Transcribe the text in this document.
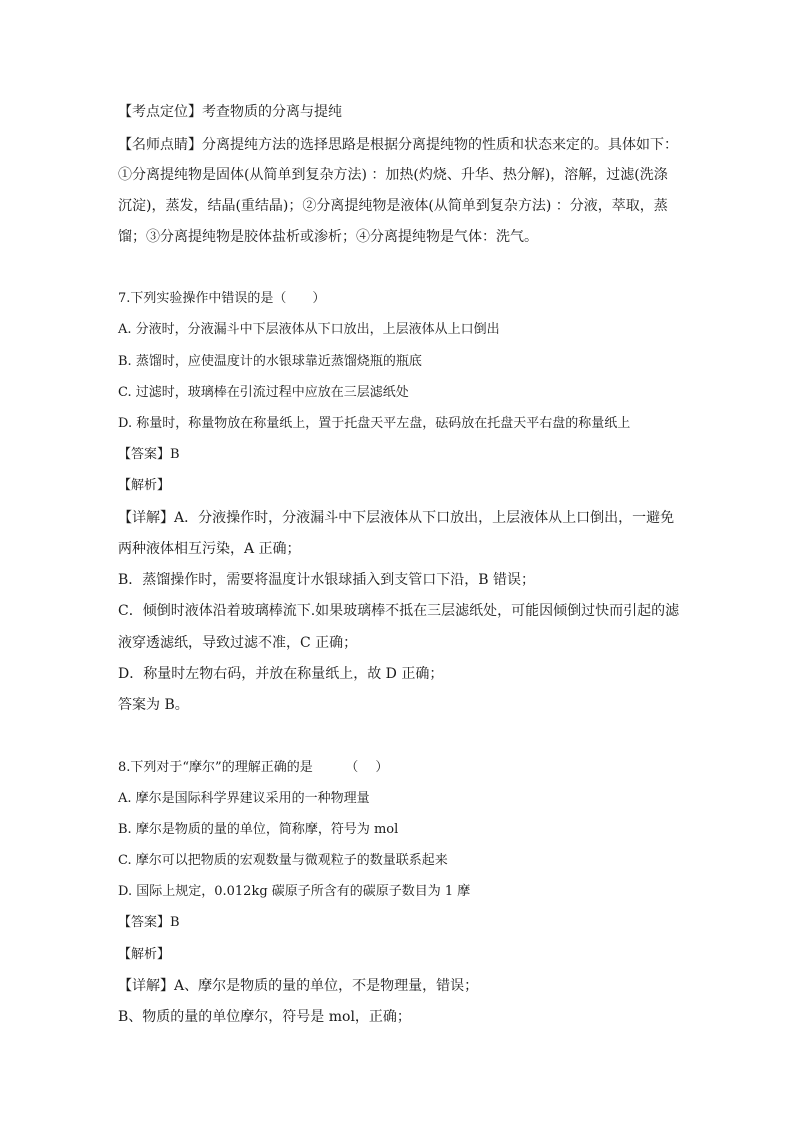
【考点定位】考查物质的分离与提纯
【名师点睛】分离提纯方法的选择思路是根据分离提纯物的性质和状态来定的。具体如下：
①分离提纯物是固体(从简单到复杂方法) ：加热(灼烧、升华、热分解)，溶解，过滤(洗涤
沉淀)，蒸发，结晶(重结晶)；②分离提纯物是液体(从简单到复杂方法) ：分液，萃取，蒸
馏；③分离提纯物是胶体盐析或渗析；④分离提纯物是气体：洗气。
7.下列实验操作中错误的是（　　）
A. 分液时，分液漏斗中下层液体从下口放出，上层液体从上口倒出
B. 蒸馏时，应使温度计的水银球靠近蒸馏烧瓶的瓶底
C. 过滤时，玻璃棒在引流过程中应放在三层滤纸处
D. 称量时，称量物放在称量纸上，置于托盘天平左盘，砝码放在托盘天平右盘的称量纸上
【答案】B
【解析】
【详解】A．分液操作时，分液漏斗中下层液体从下口放出，上层液体从上口倒出，一避免
两种液体相互污染，A 正确；
B．蒸馏操作时，需要将温度计水银球插入到支管口下沿，B 错误；
C．倾倒时液体沿着玻璃棒流下.如果玻璃棒不抵在三层滤纸处，可能因倾倒过快而引起的滤
液穿透滤纸，导致过滤不准，C 正确；
D．称量时左物右码，并放在称量纸上，故 D 正确；
答案为 B。
8.下列对于“摩尔”的理解正确的是　　　（　 ）
A. 摩尔是国际科学界建议采用的一种物理量
B. 摩尔是物质的量的单位，简称摩，符号为 mol
C. 摩尔可以把物质的宏观数量与微观粒子的数量联系起来
D. 国际上规定，0.012kg 碳原子所含有的碳原子数目为 1 摩
【答案】B
【解析】
【详解】A、摩尔是物质的量的单位，不是物理量，错误；
B、物质的量的单位摩尔，符号是 mol，正确；
